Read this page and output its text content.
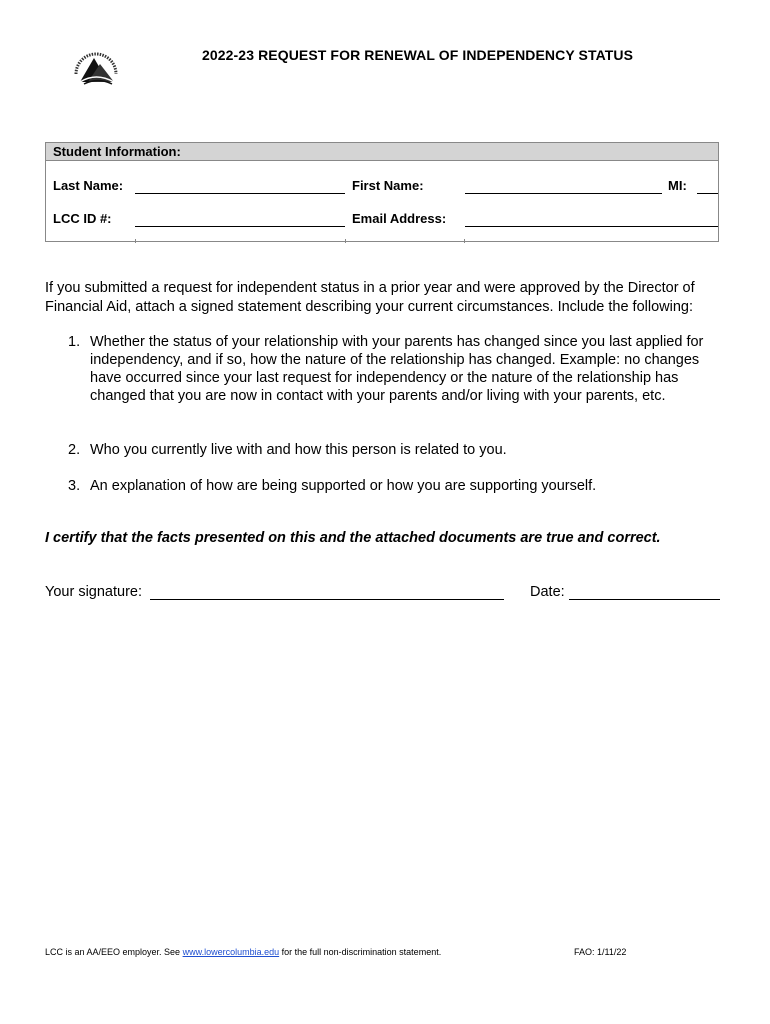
2022-23 REQUEST FOR RENEWAL OF INDEPENDENCY STATUS
Student Information:
Last Name:	First Name:	MI:
LCC ID #:	Email Address:
If you submitted a request for independent status in a prior year and were approved by the Director of Financial Aid, attach a signed statement describing your current circumstances. Include the following:
1. Whether the status of your relationship with your parents has changed since you last applied for independency, and if so, how the nature of the relationship has changed. Example: no changes have occurred since your last request for independency or the nature of the relationship has changed that you are now in contact with your parents and/or living with your parents, etc.
2. Who you currently live with and how this person is related to you.
3. An explanation of how are being supported or how you are supporting yourself.
I certify that the facts presented on this and the attached documents are true and correct.
Your signature:	Date:
LCC is an AA/EEO employer. See www.lowercolumbia.edu for the full non-discrimination statement.	FAO: 1/11/22
